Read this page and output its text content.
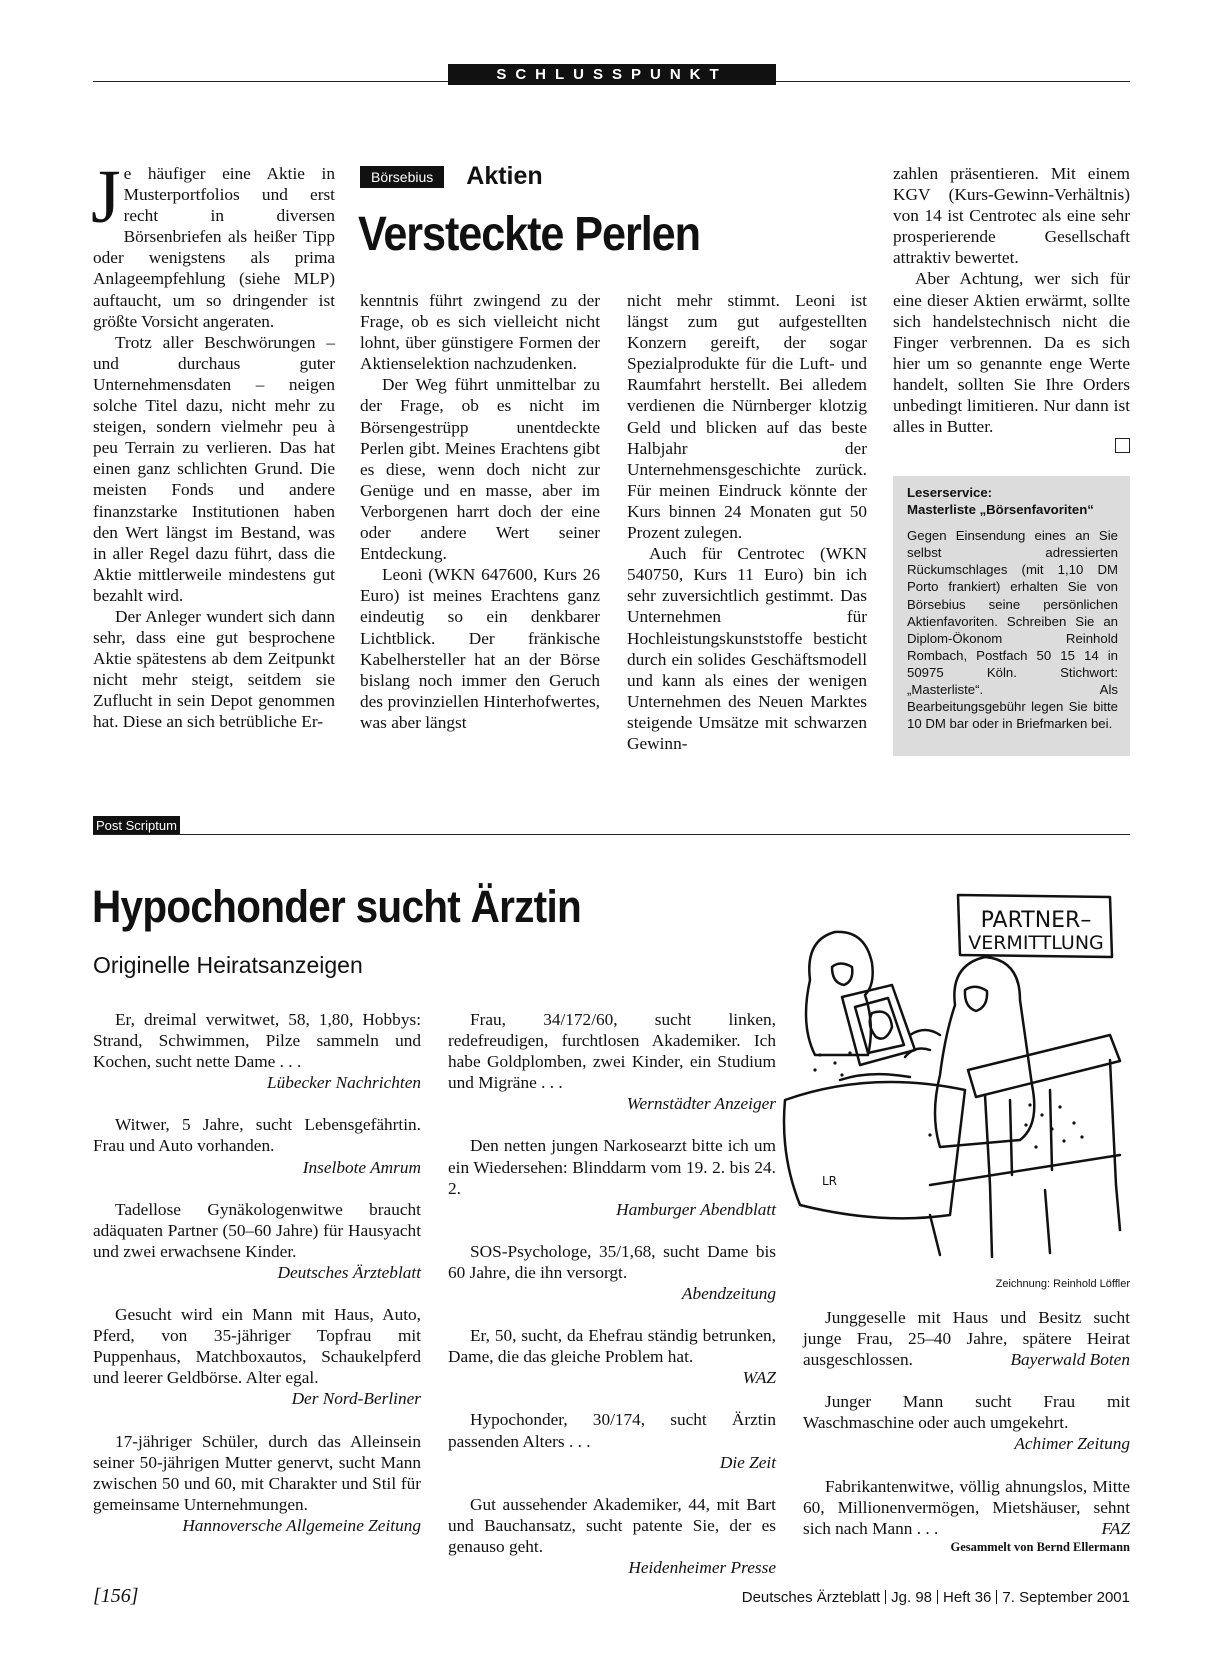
SCHLUSSPUNKT

Je häufiger eine Aktie in Musterportfolios und erst recht in diversen Börsenbriefen als heißer Tipp oder wenigstens als prima Anlageempfehlung (siehe MLP) auftaucht, um so dringender ist größte Vorsicht angeraten.

Trotz aller Beschwörungen – und durchaus guter Unternehmensdaten – neigen solche Titel dazu, nicht mehr zu steigen, sondern vielmehr peu à peu Terrain zu verlieren. Das hat einen ganz schlichten Grund. Die meisten Fonds und andere finanzstarke Institutionen haben den Wert längst im Bestand, was in aller Regel dazu führt, dass die Aktie mittlerweile mindestens gut bezahlt wird.

Der Anleger wundert sich dann sehr, dass eine gut besprochene Aktie spätestens ab dem Zeitpunkt nicht mehr steigt, seitdem sie Zuflucht in sein Depot genommen hat. Diese an sich betrübliche Er-

Börsebius Aktien
Versteckte Perlen

kenntnis führt zwingend zu der Frage, ob es sich vielleicht nicht lohnt, über günstigere Formen der Aktienselektion nachzudenken.

Der Weg führt unmittelbar zu der Frage, ob es nicht im Börsengestrüpp unentdeckte Perlen gibt. Meines Erachtens gibt es diese, wenn doch nicht zur Genüge und en masse, aber im Verborgenen harrt doch der eine oder andere Wert seiner Entdeckung.

Leoni (WKN 647600, Kurs 26 Euro) ist meines Erachtens ganz eindeutig so ein denkbarer Lichtblick. Der fränkische Kabelhersteller hat an der Börse bislang noch immer den Geruch des provinziellen Hinterhofwertes, was aber längst

nicht mehr stimmt. Leoni ist längst zum gut aufgestellten Konzern gereift, der sogar Spezialprodukte für die Luft- und Raumfahrt herstellt. Bei alledem verdienen die Nürnberger klotzig Geld und blicken auf das beste Halbjahr der Unternehmensgeschichte zurück. Für meinen Eindruck könnte der Kurs binnen 24 Monaten gut 50 Prozent zulegen.

Auch für Centrotec (WKN 540750, Kurs 11 Euro) bin ich sehr zuversichtlich gestimmt. Das Unternehmen für Hochleistungskunststoffe besticht durch ein solides Geschäftsmodell und kann als eines der wenigen Unternehmen des Neuen Marktes steigende Umsätze mit schwarzen Gewinn-

zahlen präsentieren. Mit einem KGV (Kurs-Gewinn-Verhältnis) von 14 ist Centrotec als eine sehr prosperierende Gesellschaft attraktiv bewertet.

Aber Achtung, wer sich für eine dieser Aktien erwärmt, sollte sich handelstechnisch nicht die Finger verbrennen. Da es sich hier um so genannte enge Werte handelt, sollten Sie Ihre Orders unbedingt limitieren. Nur dann ist alles in Butter.

Leserservice:
Masterliste „Börsenfavoriten“
Gegen Einsendung eines an Sie selbst adressierten Rückumschlages (mit 1,10 DM Porto frankiert) erhalten Sie von Börsebius seine persönlichen Aktienfavoriten. Schreiben Sie an Diplom-Ökonom Reinhold Rombach, Postfach 50 15 14 in 50975 Köln. Stichwort: „Masterliste“. Als Bearbeitungsgebühr legen Sie bitte 10 DM bar oder in Briefmarken bei.
Post Scriptum
Hypochonder sucht Ärztin
Originelle Heiratsanzeigen
Er, dreimal verwitwet, 58, 1,80, Hobbys: Strand, Schwimmen, Pilze sammeln und Kochen, sucht nette Dame . . .
Lübecker Nachrichten
Witwer, 5 Jahre, sucht Lebensgefährtin. Frau und Auto vorhanden.
Inselbote Amrum
Tadellose Gynäkologenwitwe braucht adäquaten Partner (50–60 Jahre) für Hausyacht und zwei erwachsene Kinder.
Deutsches Ärzteblatt
Gesucht wird ein Mann mit Haus, Auto, Pferd, von 35-jähriger Topfrau mit Puppenhaus, Matchboxautos, Schaukelpferd und leerer Geldbörse. Alter egal.
Der Nord-Berliner
17-jähriger Schüler, durch das Alleinsein seiner 50-jährigen Mutter genervt, sucht Mann zwischen 50 und 60, mit Charakter und Stil für gemeinsame Unternehmungen.
Hannoversche Allgemeine Zeitung
Frau, 34/172/60, sucht linken, redefreudigen, furchtlosen Akademiker. Ich habe Goldplomben, zwei Kinder, ein Studium und Migräne . . .
Wernstädter Anzeiger
Den netten jungen Narkosearzt bitte ich um ein Wiedersehen: Blinddarm vom 19. 2. bis 24. 2.
Hamburger Abendblatt
SOS-Psychologe, 35/1,68, sucht Dame bis 60 Jahre, die ihn versorgt.
Abendzeitung
Er, 50, sucht, da Ehefrau ständig betrunken, Dame, die das gleiche Problem hat.
WAZ
Hypochonder, 30/174, sucht Ärztin passenden Alters . . .
Die Zeit
Gut aussehender Akademiker, 44, mit Bart und Bauchansatz, sucht patente Sie, der es genauso geht.
Heidenheimer Presse
PARTNER–
VERMITTLUNG
LR
Zeichnung: Reinhold Löffler
Junggeselle mit Haus und Besitz sucht junge Frau, 25–40 Jahre, spätere Heirat ausgeschlossen.	Bayerwald Boten
Junger Mann sucht Frau mit Waschmaschine oder auch umgekehrt.
Achimer Zeitung
Fabrikantenwitwe, völlig ahnungslos, Mitte 60, Millionenvermögen, Mietshäuser, sehnt sich nach Mann . . .	FAZ
Gesammelt von Bernd Ellermann
[156]	Deutsches Ärzteblatt Jg. 98 Heft 36 7. September 2001
